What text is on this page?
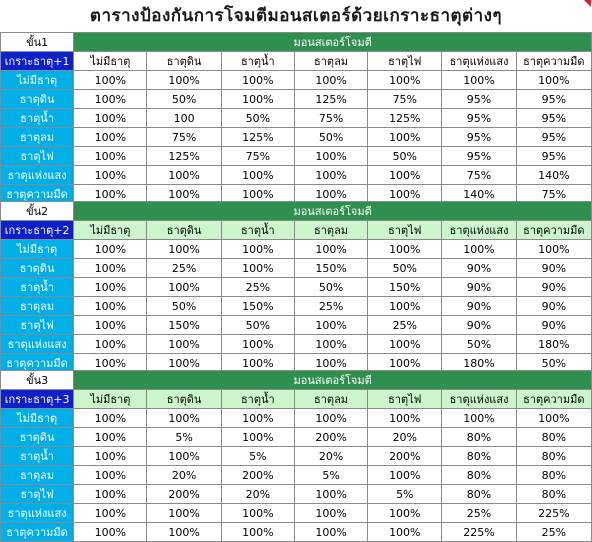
ตารางป้องกันการโจมตีมอนสเตอร์ด้วยเกราะธาตุต่างๆ
ขั้น1	มอนสเตอร์โจมตี						
เกราะธาตุ+1	ไม่มีธาตุ	ธาตุดิน	ธาตุน้ำ	ธาตุลม	ธาตุไฟ	ธาตุแห่งแสง	ธาตุความมืด
ไม่มีธาตุ	100%	100%	100%	100%	100%	100%	100%
ธาตุดิน	100%	50%	100%	125%	75%	95%	95%
ธาตุน้ำ	100%	100	50%	75%	125%	95%	95%
ธาตุลม	100%	75%	125%	50%	100%	95%	95%
ธาตุไฟ	100%	125%	75%	100%	50%	95%	95%
ธาตุแห่งแสง	100%	100%	100%	100%	100%	75%	140%
ธาตุความมืด	100%	100%	100%	100%	100%	140%	75%
ขั้น2	มอนสเตอร์โจมตี						
เกราะธาตุ+2	ไม่มีธาตุ	ธาตุดิน	ธาตุน้ำ	ธาตุลม	ธาตุไฟ	ธาตุแห่งแสง	ธาตุความมืด
ไม่มีธาตุ	100%	100%	100%	100%	100%	100%	100%
ธาตุดิน	100%	25%	100%	150%	50%	90%	90%
ธาตุน้ำ	100%	100%	25%	50%	150%	90%	90%
ธาตุลม	100%	50%	150%	25%	100%	90%	90%
ธาตุไฟ	100%	150%	50%	100%	25%	90%	90%
ธาตุแห่งแสง	100%	100%	100%	100%	100%	50%	180%
ธาตุความมืด	100%	100%	100%	100%	100%	180%	50%
ขั้น3	มอนสเตอร์โจมตี						
เกราะธาตุ+3	ไม่มีธาตุ	ธาตุดิน	ธาตุน้ำ	ธาตุลม	ธาตุไฟ	ธาตุแห่งแสง	ธาตุความมืด
ไม่มีธาตุ	100%	100%	100%	100%	100%	100%	100%
ธาตุดิน	100%	5%	100%	200%	20%	80%	80%
ธาตุน้ำ	100%	100%	5%	20%	200%	80%	80%
ธาตุลม	100%	20%	200%	5%	100%	80%	80%
ธาตุไฟ	100%	200%	20%	100%	5%	80%	80%
ธาตุแห่งแสง	100%	100%	100%	100%	100%	25%	225%
ธาตุความมืด	100%	100%	100%	100%	100%	225%	25%
